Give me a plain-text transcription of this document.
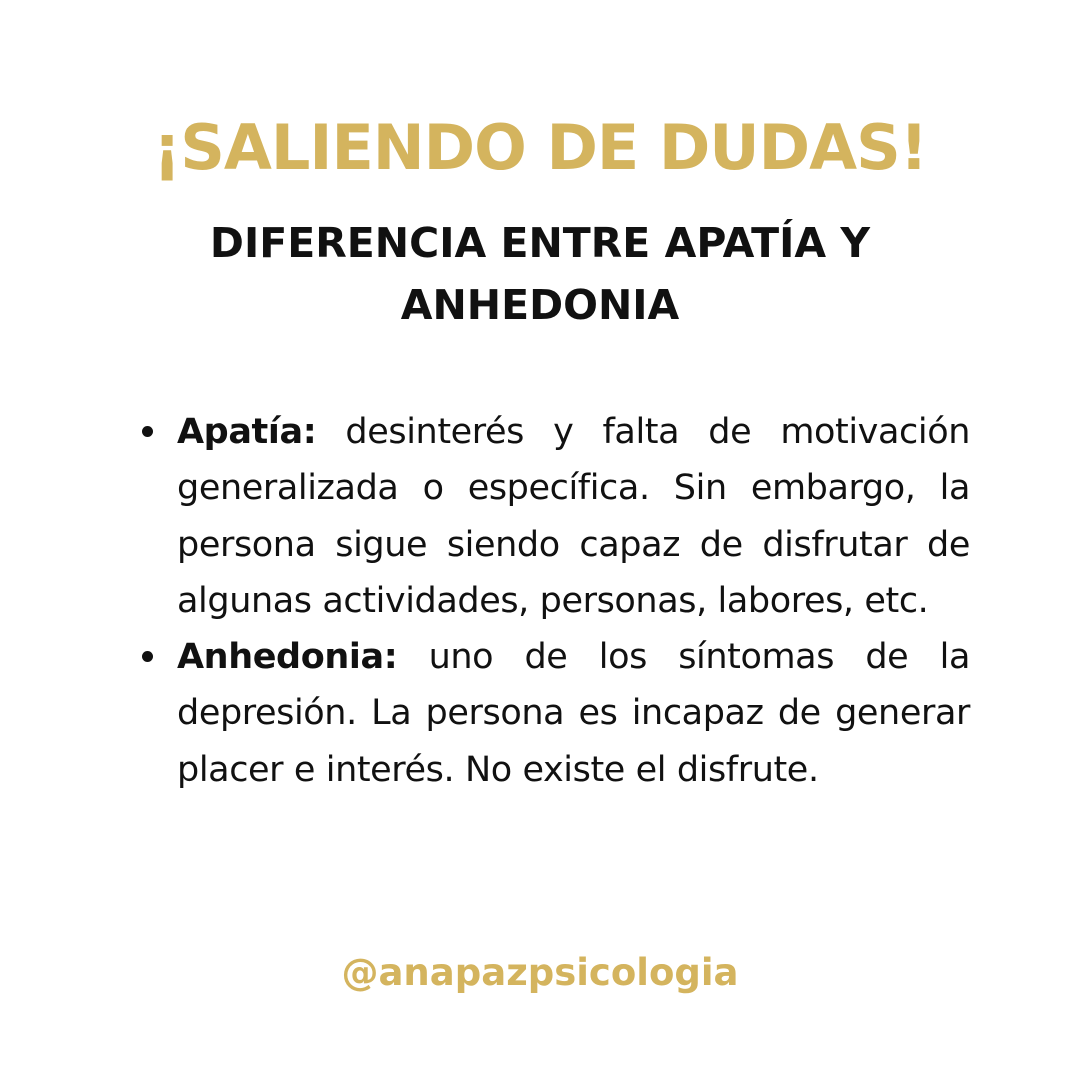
¡SALIENDO DE DUDAS!
DIFERENCIA ENTRE APATÍA Y ANHEDONIA
Apatía: desinterés y falta de motivación generalizada o específica. Sin embargo, la persona sigue siendo capaz de disfrutar de algunas actividades, personas, labores, etc.
Anhedonia: uno de los síntomas de la depresión. La persona es incapaz de generar placer e interés. No existe el disfrute.

@anapazpsicologia
